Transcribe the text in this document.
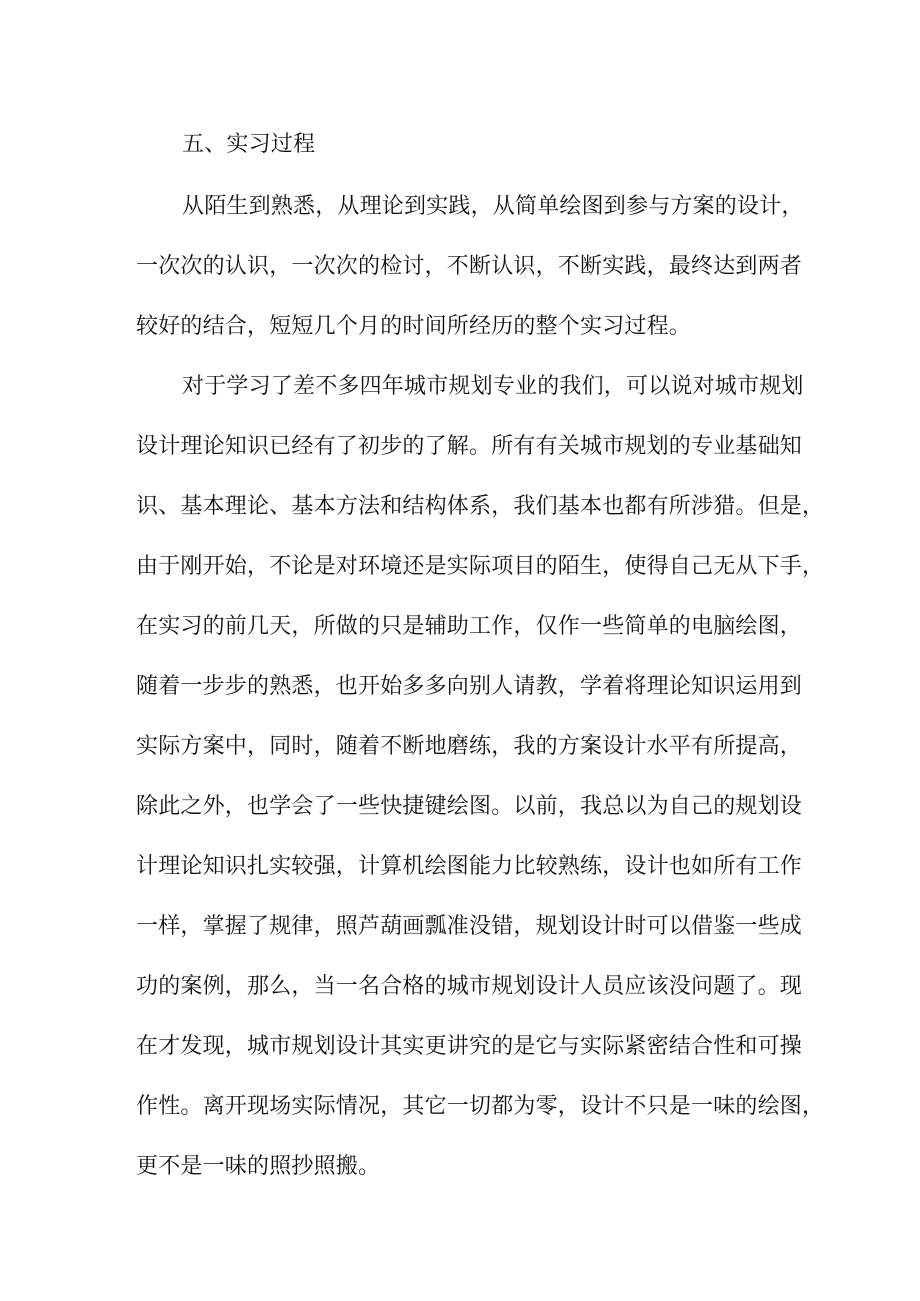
五、实习过程
从陌生到熟悉，从理论到实践，从简单绘图到参与方案的设计，
一次次的认识，一次次的检讨，不断认识，不断实践，最终达到两者
较好的结合，短短几个月的时间所经历的整个实习过程。
对于学习了差不多四年城市规划专业的我们，可以说对城市规划
设计理论知识已经有了初步的了解。所有有关城市规划的专业基础知
识、基本理论、基本方法和结构体系，我们基本也都有所涉猎。但是，
由于刚开始，不论是对环境还是实际项目的陌生，使得自己无从下手，
在实习的前几天，所做的只是辅助工作，仅作一些简单的电脑绘图，
随着一步步的熟悉，也开始多多向别人请教，学着将理论知识运用到
实际方案中，同时，随着不断地磨练，我的方案设计水平有所提高，
除此之外，也学会了一些快捷键绘图。以前，我总以为自己的规划设
计理论知识扎实较强，计算机绘图能力比较熟练，设计也如所有工作
一样，掌握了规律，照芦葫画瓢准没错，规划设计时可以借鉴一些成
功的案例，那么，当一名合格的城市规划设计人员应该没问题了。现
在才发现，城市规划设计其实更讲究的是它与实际紧密结合性和可操
作性。离开现场实际情况，其它一切都为零，设计不只是一味的绘图，
更不是一味的照抄照搬。
